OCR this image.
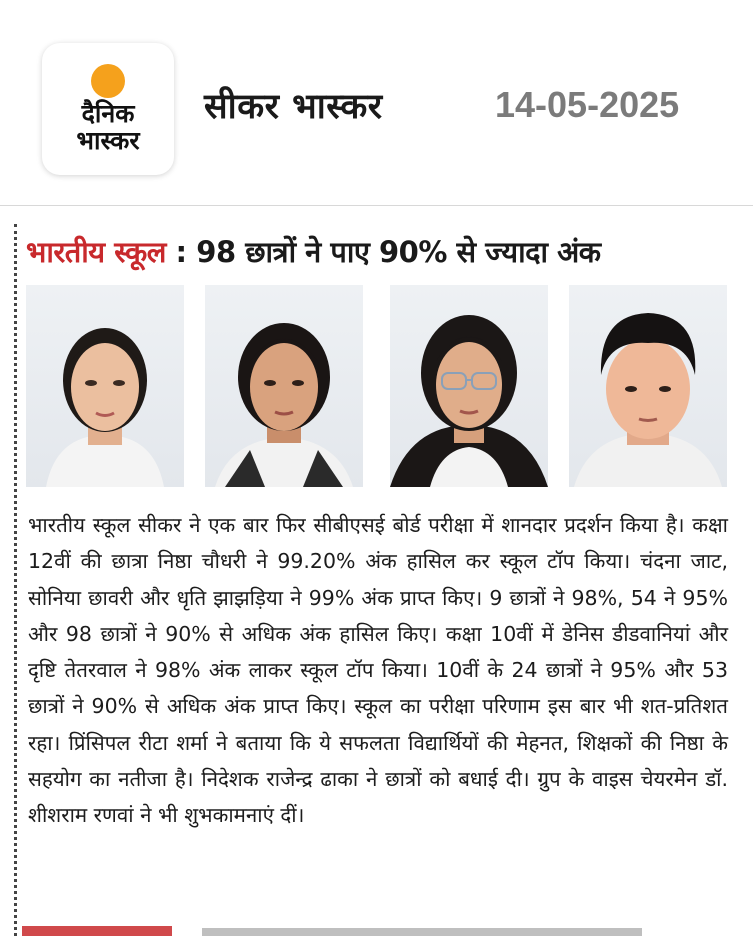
दैनिक
भास्कर
सीकर भास्कर	14-05-2025
भारतीय स्कूल : 98 छात्रों ने पाए 90% से ज्यादा अंक
भारतीय स्कूल सीकर ने एक बार फिर सीबीएसई बोर्ड परीक्षा में शानदार प्रदर्शन किया है। कक्षा 12वीं की छात्रा निष्ठा चौधरी ने 99.20% अंक हासिल कर स्कूल टॉप किया। चंदना जाट, सोनिया छावरी और धृति झाझड़िया ने 99% अंक प्राप्त किए। 9 छात्रों ने 98%, 54 ने 95% और 98 छात्रों ने 90% से अधिक अंक हासिल किए। कक्षा 10वीं में डेनिस डीडवानियां और दृष्टि तेतरवाल ने 98% अंक लाकर स्कूल टॉप किया। 10वीं के 24 छात्रों ने 95% और 53 छात्रों ने 90% से अधिक अंक प्राप्त किए। स्कूल का परीक्षा परिणाम इस बार भी शत-प्रतिशत रहा। प्रिंसिपल रीटा शर्मा ने बताया कि ये सफलता विद्यार्थियों की मेहनत, शिक्षकों की निष्ठा के सहयोग का नतीजा है। निदेशक राजेन्द्र ढाका ने छात्रों को बधाई दी। ग्रुप के वाइस चेयरमेन डॉ. शीशराम रणवां ने भी शुभकामनाएं दीं।
